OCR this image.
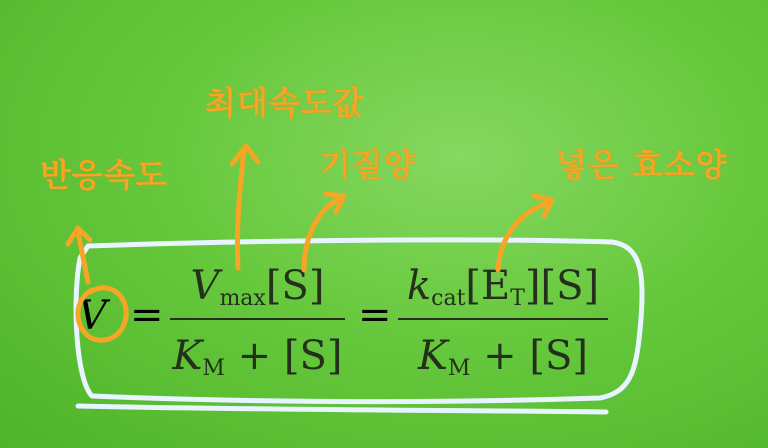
반응속도
최대속도값
기질양	넣은 효소양
V =
$V_{max}[S]$
$K_M + [S]$
=
$k_{cat}[E_T][S]$
$K_M + [S]$
